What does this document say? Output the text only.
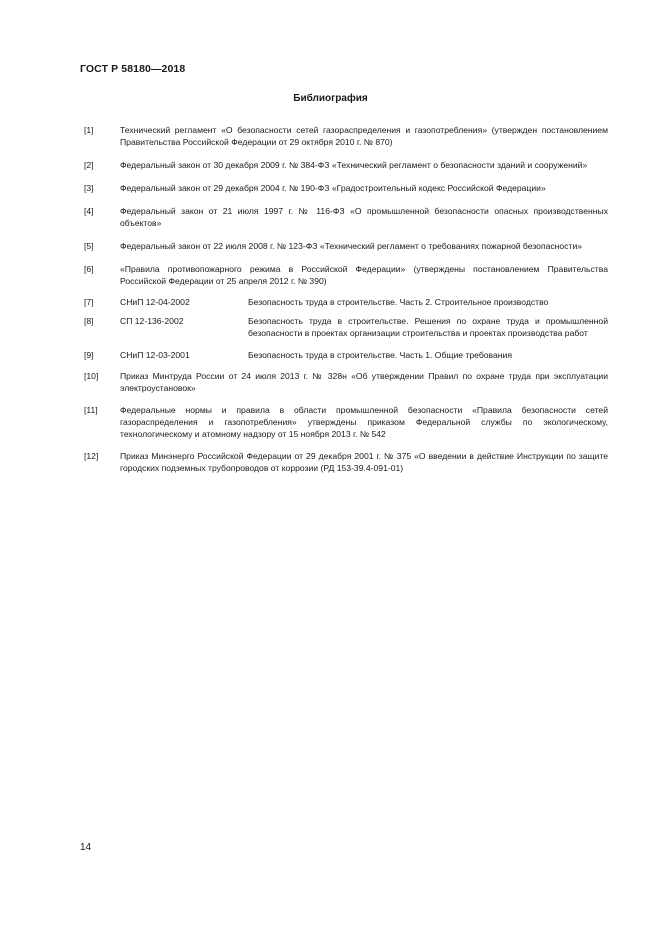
ГОСТ Р 58180—2018
Библиография
[1]	Технический регламент «О безопасности сетей газораспределения и газопотребления» (утвержден постановлением Правительства Российской Федерации от 29 октября 2010 г. № 870)
[2]	Федеральный закон от 30 декабря 2009 г. № 384-ФЗ «Технический регламент о безопасности зданий и сооружений»
[3]	Федеральный закон от 29 декабря 2004 г. № 190-ФЗ «Градостроительный кодекс Российской Федерации»
[4]	Федеральный закон от 21 июля 1997 г. № 116-ФЗ «О промышленной безопасности опасных производственных объектов»
[5]	Федеральный закон от 22 июля 2008 г. № 123-ФЗ «Технический регламент о требованиях пожарной безопасности»
[6]	«Правила противопожарного режима в Российской Федерации» (утверждены постановлением Правительства Российской Федерации от 25 апреля 2012 г. № 390)
[7]	СНиП 12-04-2002	Безопасность труда в строительстве. Часть 2. Строительное производство
[8]	СП 12-136-2002	Безопасность труда в строительстве. Решения по охране труда и промышленной безопасности в проектах организации строительства и проектах производства работ
[9]	СНиП 12-03-2001	Безопасность труда в строительстве. Часть 1. Общие требования
[10]	Приказ Минтруда России от 24 июля 2013 г. № 328н «Об утверждении Правил по охране труда при эксплуатации электроустановок»
[11]	Федеральные нормы и правила в области промышленной безопасности «Правила безопасности сетей газораспределения и газопотребления» утверждены приказом Федеральной службы по экологическому, технологическому и атомному надзору от 15 ноября 2013 г. № 542
[12]	Приказ Минэнерго Российской Федерации от 29 декабря 2001 г. № 375 «О введении в действие Инструкции по защите городских подземных трубопроводов от коррозии (РД 153-39.4-091-01)
14
